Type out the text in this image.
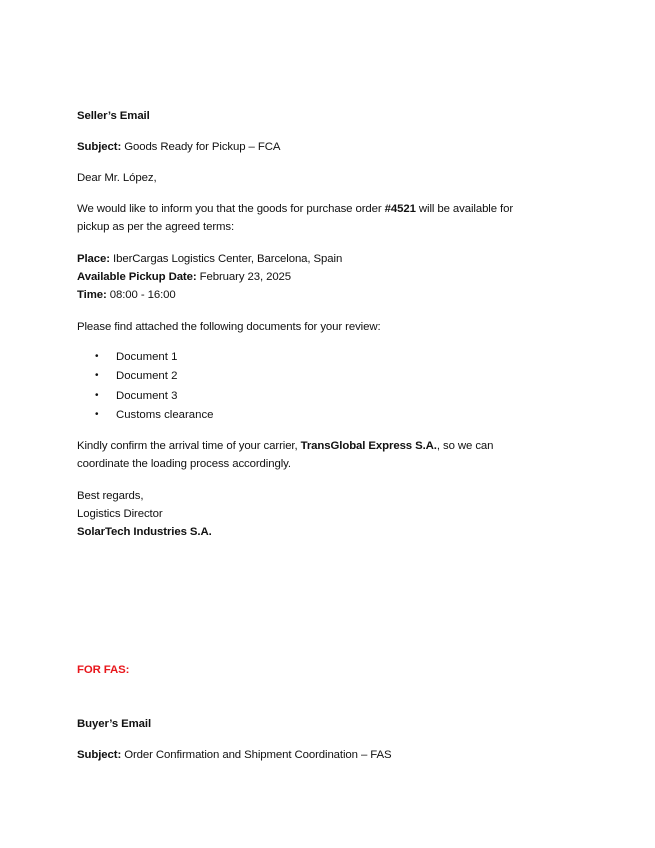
Seller’s Email
Subject: Goods Ready for Pickup – FCA
Dear Mr. López,
We would like to inform you that the goods for purchase order #4521 will be available for
pickup as per the agreed terms:
Place: IberCargas Logistics Center, Barcelona, Spain
Available Pickup Date: February 23, 2025
Time: 08:00 - 16:00
Please find attached the following documents for your review:
• Document 1
• Document 2
• Document 3
• Customs clearance
Kindly confirm the arrival time of your carrier, TransGlobal Express S.A., so we can
coordinate the loading process accordingly.
Best regards,
Logistics Director
SolarTech Industries S.A.
FOR FAS:
Buyer’s Email
Subject: Order Confirmation and Shipment Coordination – FAS
